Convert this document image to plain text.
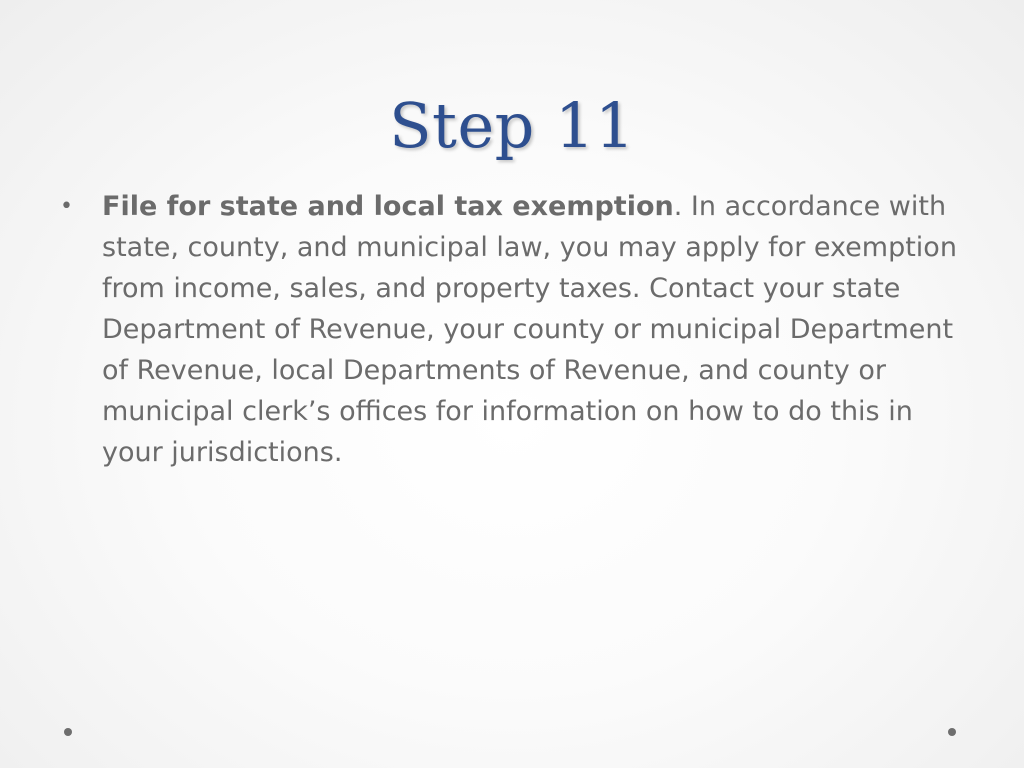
Step 11
• File for state and local tax exemption. In accordance with state, county, and municipal law, you may apply for exemption from income, sales, and property taxes. Contact your state Department of Revenue, your county or municipal Department of Revenue, local Departments of Revenue, and county or municipal clerk’s offices for information on how to do this in your jurisdictions.
